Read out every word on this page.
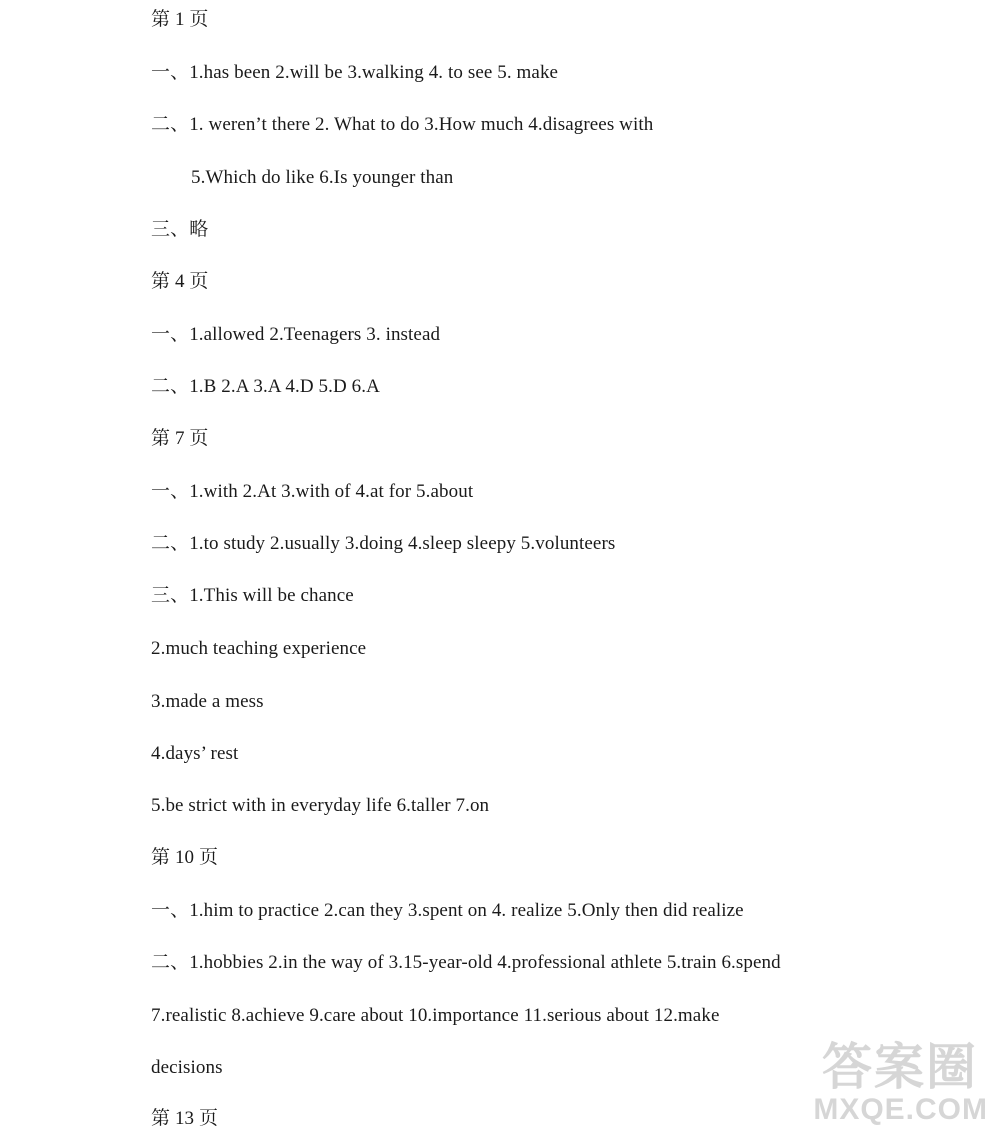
第 1 页
一、1.has been 2.will be 3.walking 4. to see 5. make
二、1. weren’t there 2. What to do 3.How much 4.disagrees with
5.Which do like 6.Is younger than
三、略
第 4 页
一、1.allowed 2.Teenagers 3. instead
二、1.B 2.A 3.A 4.D 5.D 6.A
第 7 页
一、1.with 2.At 3.with of 4.at for 5.about
二、1.to study 2.usually 3.doing 4.sleep sleepy 5.volunteers
三、1.This will be chance
2.much teaching experience
3.made a mess
4.days’ rest
5.be strict with in everyday life 6.taller 7.on
第 10 页
一、1.him to practice 2.can they 3.spent on 4. realize 5.Only then did realize
二、1.hobbies 2.in the way of 3.15-year-old 4.professional athlete 5.train 6.spend
7.realistic 8.achieve 9.care about 10.importance 11.serious about 12.make
decisions
第 13 页
答案圈
MXQE.COM
